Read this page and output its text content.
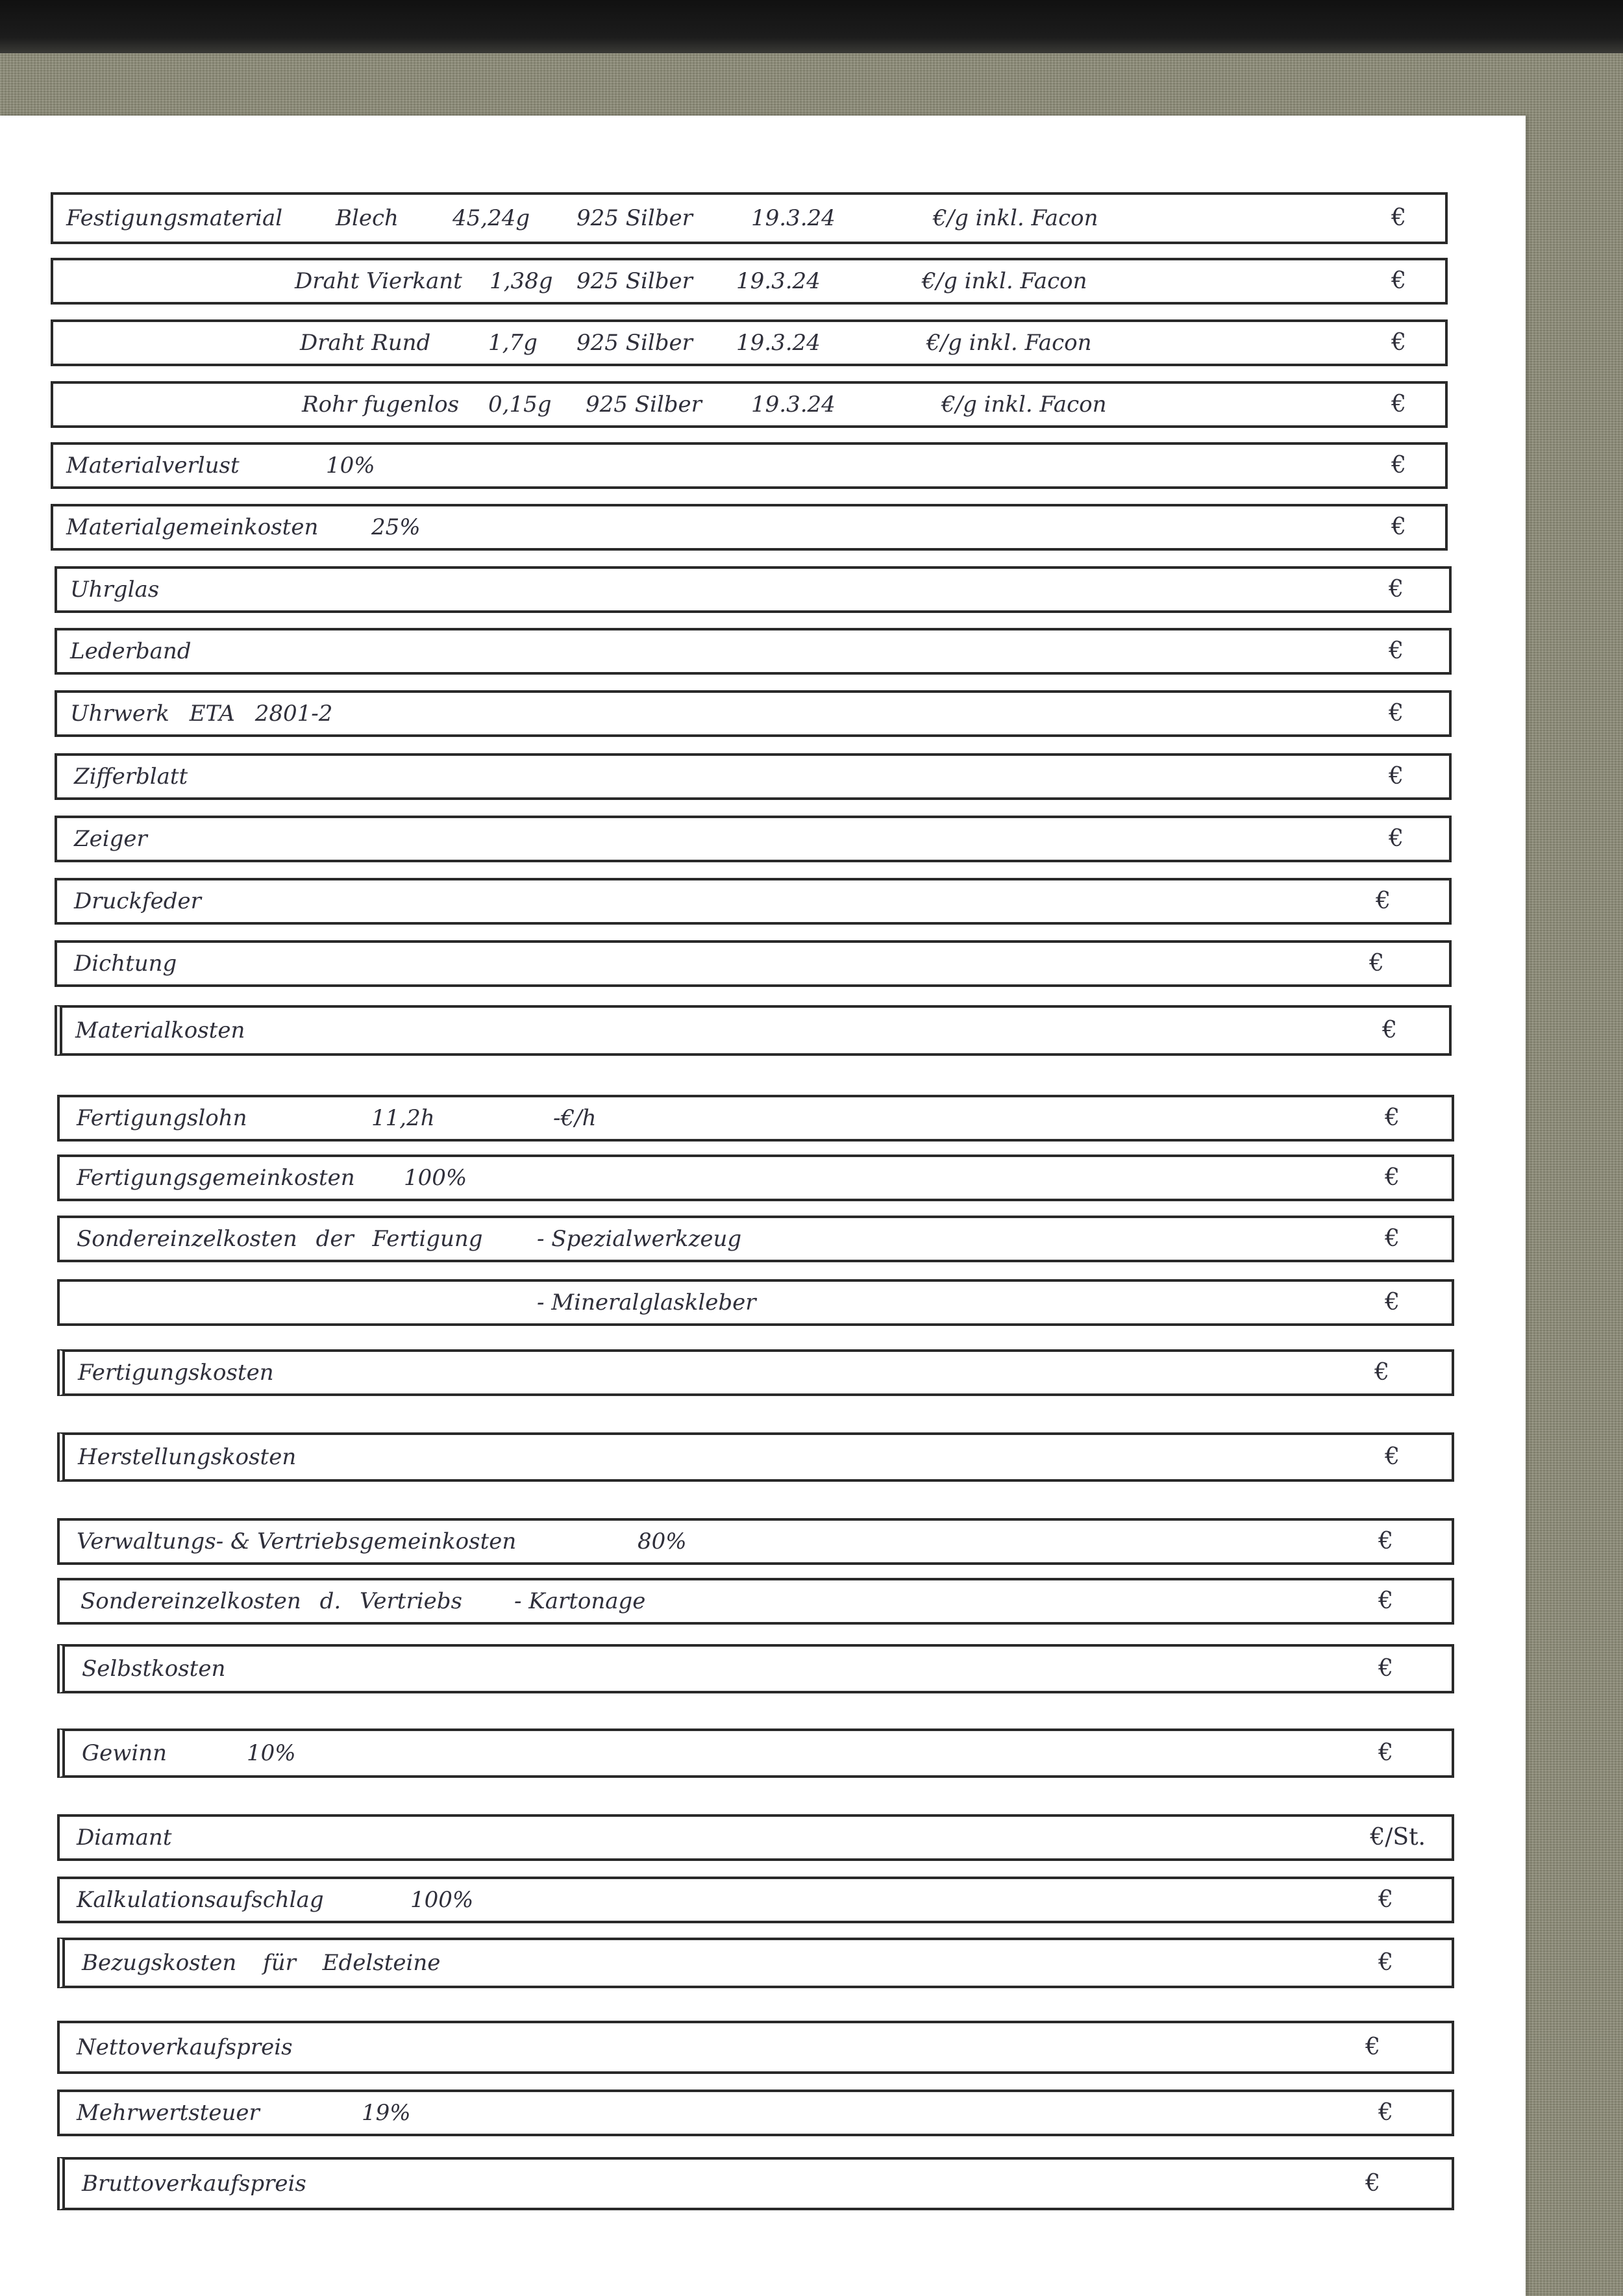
Festigungsmaterial Blech 45,24g 925 Silber	19.3.24	€/g inkl. Facon	€
Draht Vierkant 1,38g 925 Silber 19.3.24	€/g inkl. Facon	€
Draht Rund	1,7g 925 Silber 19.3.24	€/g inkl. Facon	€
Rohr fugenlos 0,15g 925 Silber 19.3.24	€/g inkl. Facon	€
Materialverlust	10%	€
Materialgemeinkosten 25%	€
Uhrglas	€
Lederband	€
Uhrwerk ETA 2801-2	€
Zifferblatt	€
Zeiger	€
Druckfeder	€
Dichtung	€
Materialkosten	€
Fertigungslohn	11,2h	-€/h	€
Fertigungsgemeinkosten 100%	€
Sondereinzelkosten der Fertigung - Spezialwerkzeug	€
- Mineralglaskleber	€
Fertigungskosten	€
Herstellungskosten	€
Verwaltungs- & Vertriebsgemeinkosten	80%	€
Sondereinzelkosten d. Vertriebs - Kartonage	€
Selbstkosten	€
Gewinn	10%	€
Diamant	€/St.
Kalkulationsaufschlag	100%	€
Bezugskosten für Edelsteine	€
Nettoverkaufspreis	€
Mehrwertsteuer	19%	€
Bruttoverkaufspreis	€
